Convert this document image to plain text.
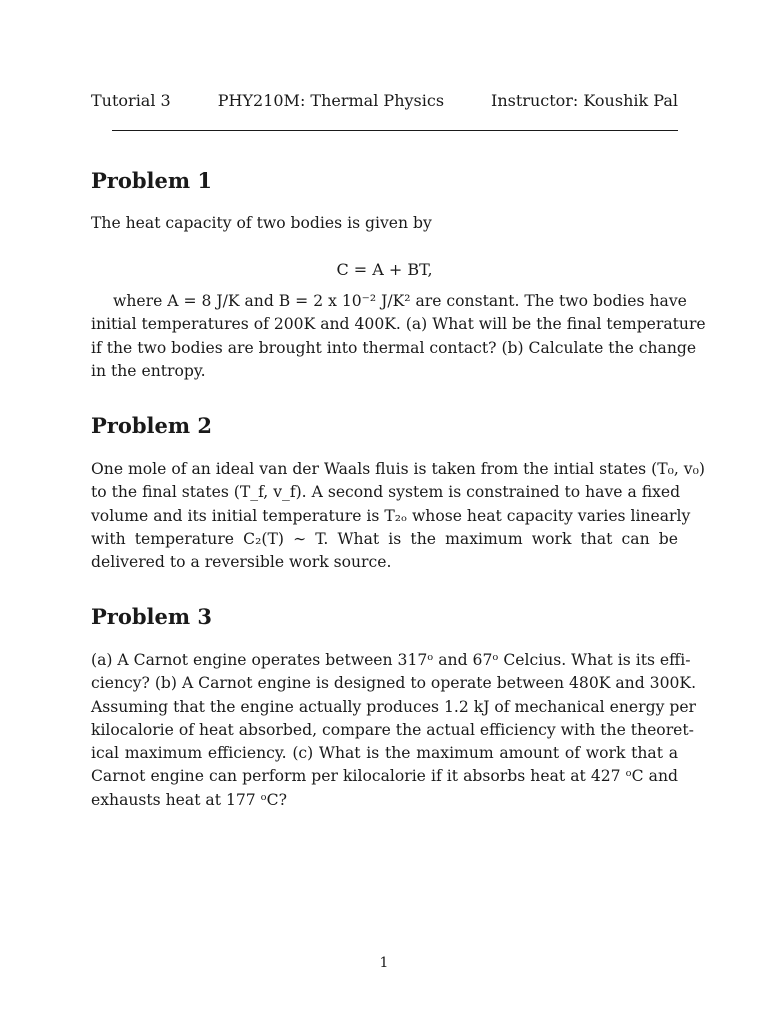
Tutorial 3	PHY210M: Thermal Physics	Instructor: Koushik Pal
Problem 1
The heat capacity of two bodies is given by
C = A + BT,
where A = 8 J/K and B = 2 x 10⁻² J/K² are constant. The two bodies have
initial temperatures of 200K and 400K. (a) What will be the final temperature
if the two bodies are brought into thermal contact? (b) Calculate the change
in the entropy.
Problem 2
One mole of an ideal van der Waals fluis is taken from the intial states (T₀, v₀)
to the final states (T_f, v_f). A second system is constrained to have a fixed
volume and its initial temperature is T₂ₒ whose heat capacity varies linearly
with temperature C₂(T) ∼ T. What is the maximum work that can be
delivered to a reversible work source.
Problem 3
(a) A Carnot engine operates between 317ᵒ and 67ᵒ Celcius. What is its effi-
ciency? (b) A Carnot engine is designed to operate between 480K and 300K.
Assuming that the engine actually produces 1.2 kJ of mechanical energy per
kilocalorie of heat absorbed, compare the actual efficiency with the theoret-
ical maximum efficiency. (c) What is the maximum amount of work that a
Carnot engine can perform per kilocalorie if it absorbs heat at 427 ᵒC and
exhausts heat at 177 ᵒC?
1
